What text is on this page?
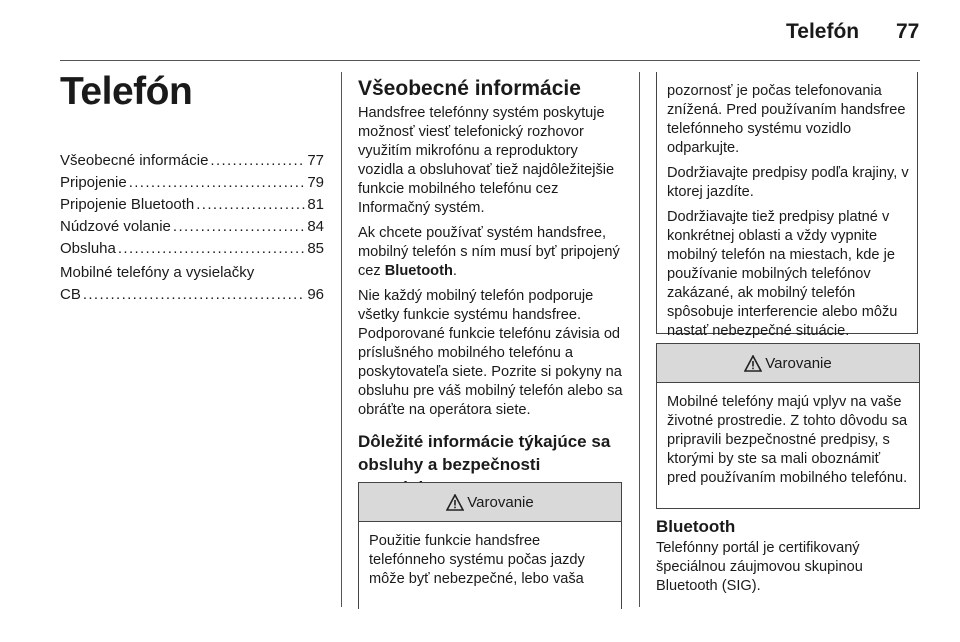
Telefón 77
Telefón
Všeobecné informácie . . .	77
Pripojenie . . .	79
Pripojenie Bluetooth . . .	81
Núdzové volanie . . .	84
Obsluha . . .	85
Mobilné telefóny a vysielačky
CB . . .	96
Všeobecné informácie

Handsfree telefónny systém poskytuje možnosť viesť telefonický rozhovor využitím mikrofónu a reproduktory vozidla a obsluhovať tiež najdôležitejšie funkcie mobilného telefónu cez Informačný systém.

Ak chcete používať systém handsfree, mobilný telefón s ním musí byť pripojený cez Bluetooth.

Nie každý mobilný telefón podporuje všetky funkcie systému handsfree. Podporované funkcie telefónu závisia od príslušného mobilného telefónu a poskytovateľa siete. Pozrite si pokyny na obsluhu pre váš mobilný telefón alebo sa obráťte na operátora siete.

Dôležité informácie týkajúce sa obsluhy a bezpečnosti
Varovanie
Použitie funkcie handsfree telefónneho systému počas jazdy môže byť nebezpečné, lebo vaša

pozornosť je počas telefonovania znížená. Pred používaním handsfree telefónneho systému vozidlo odparkujte.

Dodržiavajte predpisy podľa krajiny, v ktorej jazdíte.

Dodržiavajte tiež predpisy platné v konkrétnej oblasti a vždy vypnite mobilný telefón na miestach, kde je používanie mobilných telefónov zakázané, ak mobilný telefón spôsobuje interferencie alebo môžu nastať nebezpečné situácie.

Varovanie
Mobilné telefóny majú vplyv na vaše životné prostredie. Z tohto dôvodu sa pripravili bezpečnostné predpisy, s ktorými by ste sa mali oboznámiť pred používaním mobilného telefónu.
Bluetooth
Telefónny portál je certifikovaný špeciálnou záujmovou skupinou Bluetooth (SIG).
